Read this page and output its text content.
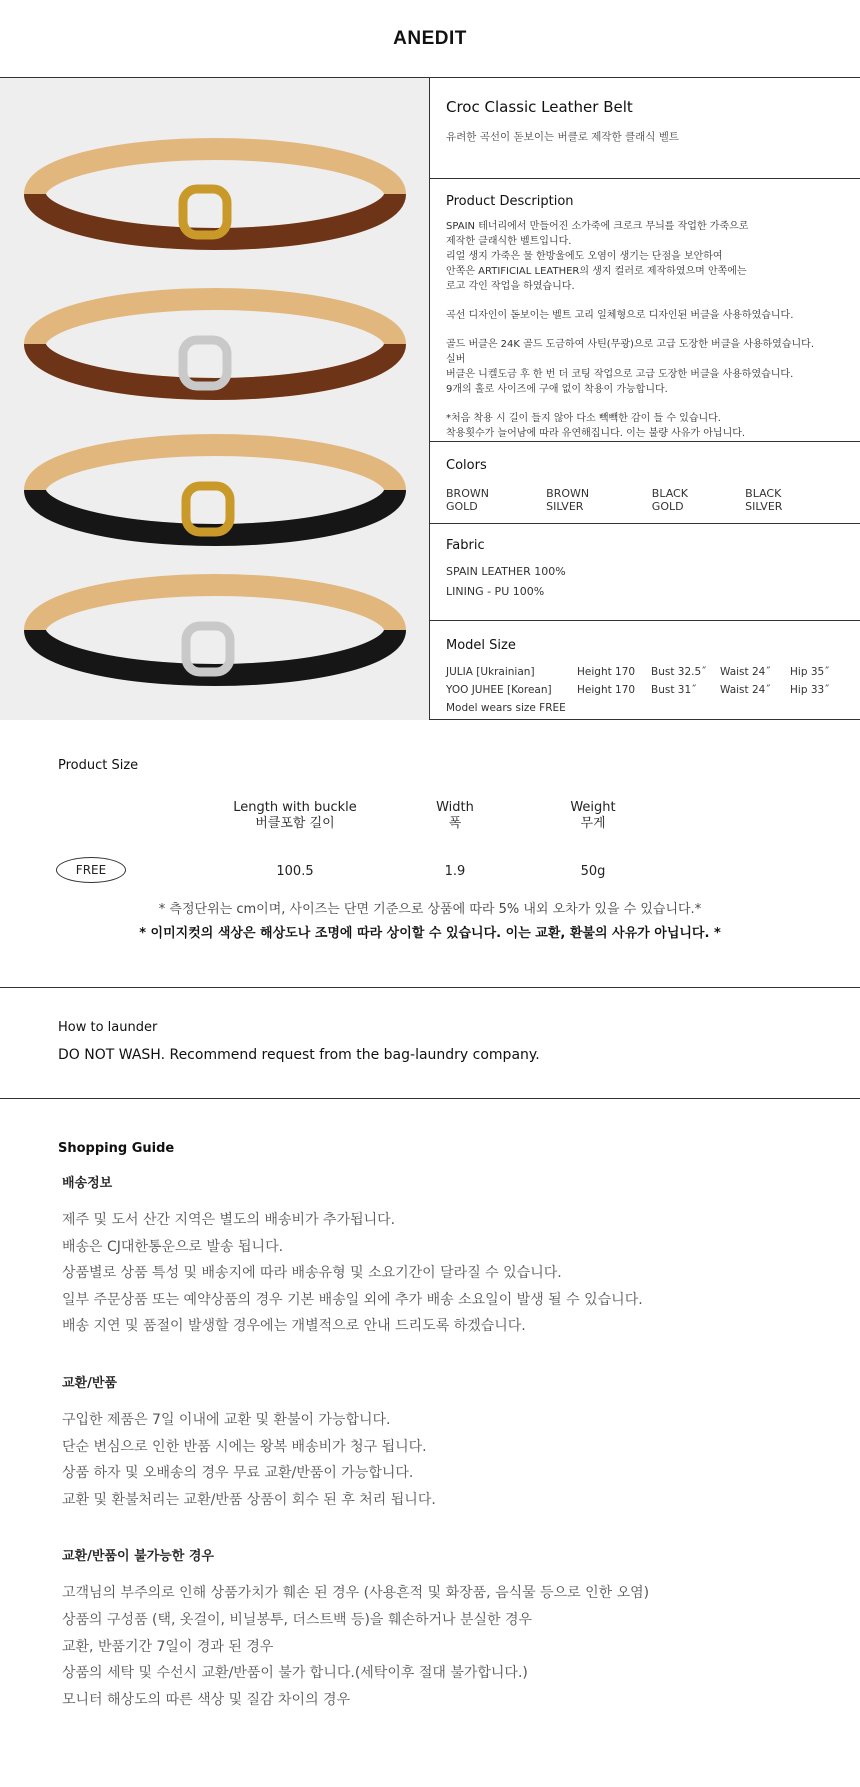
ANEDIT
Croc Classic Leather Belt
유려한 곡선이 돋보이는 버클로 제작한 클래식 벨트
Product Description
SPAIN 테너리에서 만들어진 소가죽에 크로크 무늬를 작업한 가죽으로
제작한 클래식한 벨트입니다.
리얼 생지 가죽은 물 한방울에도 오염이 생기는 단점을 보안하여
안쪽은 ARTIFICIAL LEATHER의 생지 컬러로 제작하였으며 안쪽에는
로고 각인 작업을 하였습니다.
곡선 디자인이 돋보이는 벨트 고리 일체형으로 디자인된 버클을 사용하였습니다.
골드 버클은 24K 골드 도금하여 사틴(무광)으로 고급 도장한 버클을 사용하였습니다.
실버
버클은 니켈도금 후 한 번 더 코팅 작업으로 고급 도장한 버클을 사용하였습니다.
9개의 홀로 사이즈에 구애 없이 착용이 가능합니다.
*처음 착용 시 길이 들지 않아 다소 빽빽한 감이 들 수 있습니다.
착용횟수가 늘어남에 따라 유연해집니다. 이는 불량 사유가 아닙니다.
Colors
BROWN GOLD
BROWN SILVER
BLACK GOLD
BLACK SILVER
Fabric
SPAIN LEATHER 100%
LINING - PU 100%
Model Size
JULIA [Ukrainian]	Height 170	Bust 32.5˝	Waist 24˝	Hip 35˝
YOO JUHEE [Korean]	Height 170	Bust 31˝	Waist 24˝	Hip 33˝
Model wears size FREE
Product Size
Length with buckle
버클포함 길이
Width
폭
Weight
무게
FREE	100.5	1.9	50g
* 측정단위는 cm이며, 사이즈는 단면 기준으로 상품에 따라 5% 내외 오차가 있을 수 있습니다.*
* 이미지컷의 색상은 해상도나 조명에 따라 상이할 수 있습니다. 이는 교환, 환불의 사유가 아닙니다. *
How to launder
DO NOT WASH. Recommend request from the bag-laundry company.
Shopping Guide
배송정보
제주 및 도서 산간 지역은 별도의 배송비가 추가됩니다.
배송은 CJ대한통운으로 발송 됩니다.
상품별로 상품 특성 및 배송지에 따라 배송유형 및 소요기간이 달라질 수 있습니다.
일부 주문상품 또는 예약상품의 경우 기본 배송일 외에 추가 배송 소요일이 발생 될 수 있습니다.
배송 지연 및 품절이 발생할 경우에는 개별적으로 안내 드리도록 하겠습니다.
교환/반품
구입한 제품은 7일 이내에 교환 및 환불이 가능합니다.
단순 변심으로 인한 반품 시에는 왕복 배송비가 청구 됩니다.
상품 하자 및 오배송의 경우 무료 교환/반품이 가능합니다.
교환 및 환불처리는 교환/반품 상품이 회수 된 후 처리 됩니다.
교환/반품이 불가능한 경우
고객님의 부주의로 인해 상품가치가 훼손 된 경우 (사용흔적 및 화장품, 음식물 등으로 인한 오염)
상품의 구성품 (택, 옷걸이, 비닐봉투, 더스트백 등)을 훼손하거나 분실한 경우
교환, 반품기간 7일이 경과 된 경우
상품의 세탁 및 수선시 교환/반품이 불가 합니다.(세탁이후 절대 불가합니다.)
모니터 해상도의 따른 색상 및 질감 차이의 경우
